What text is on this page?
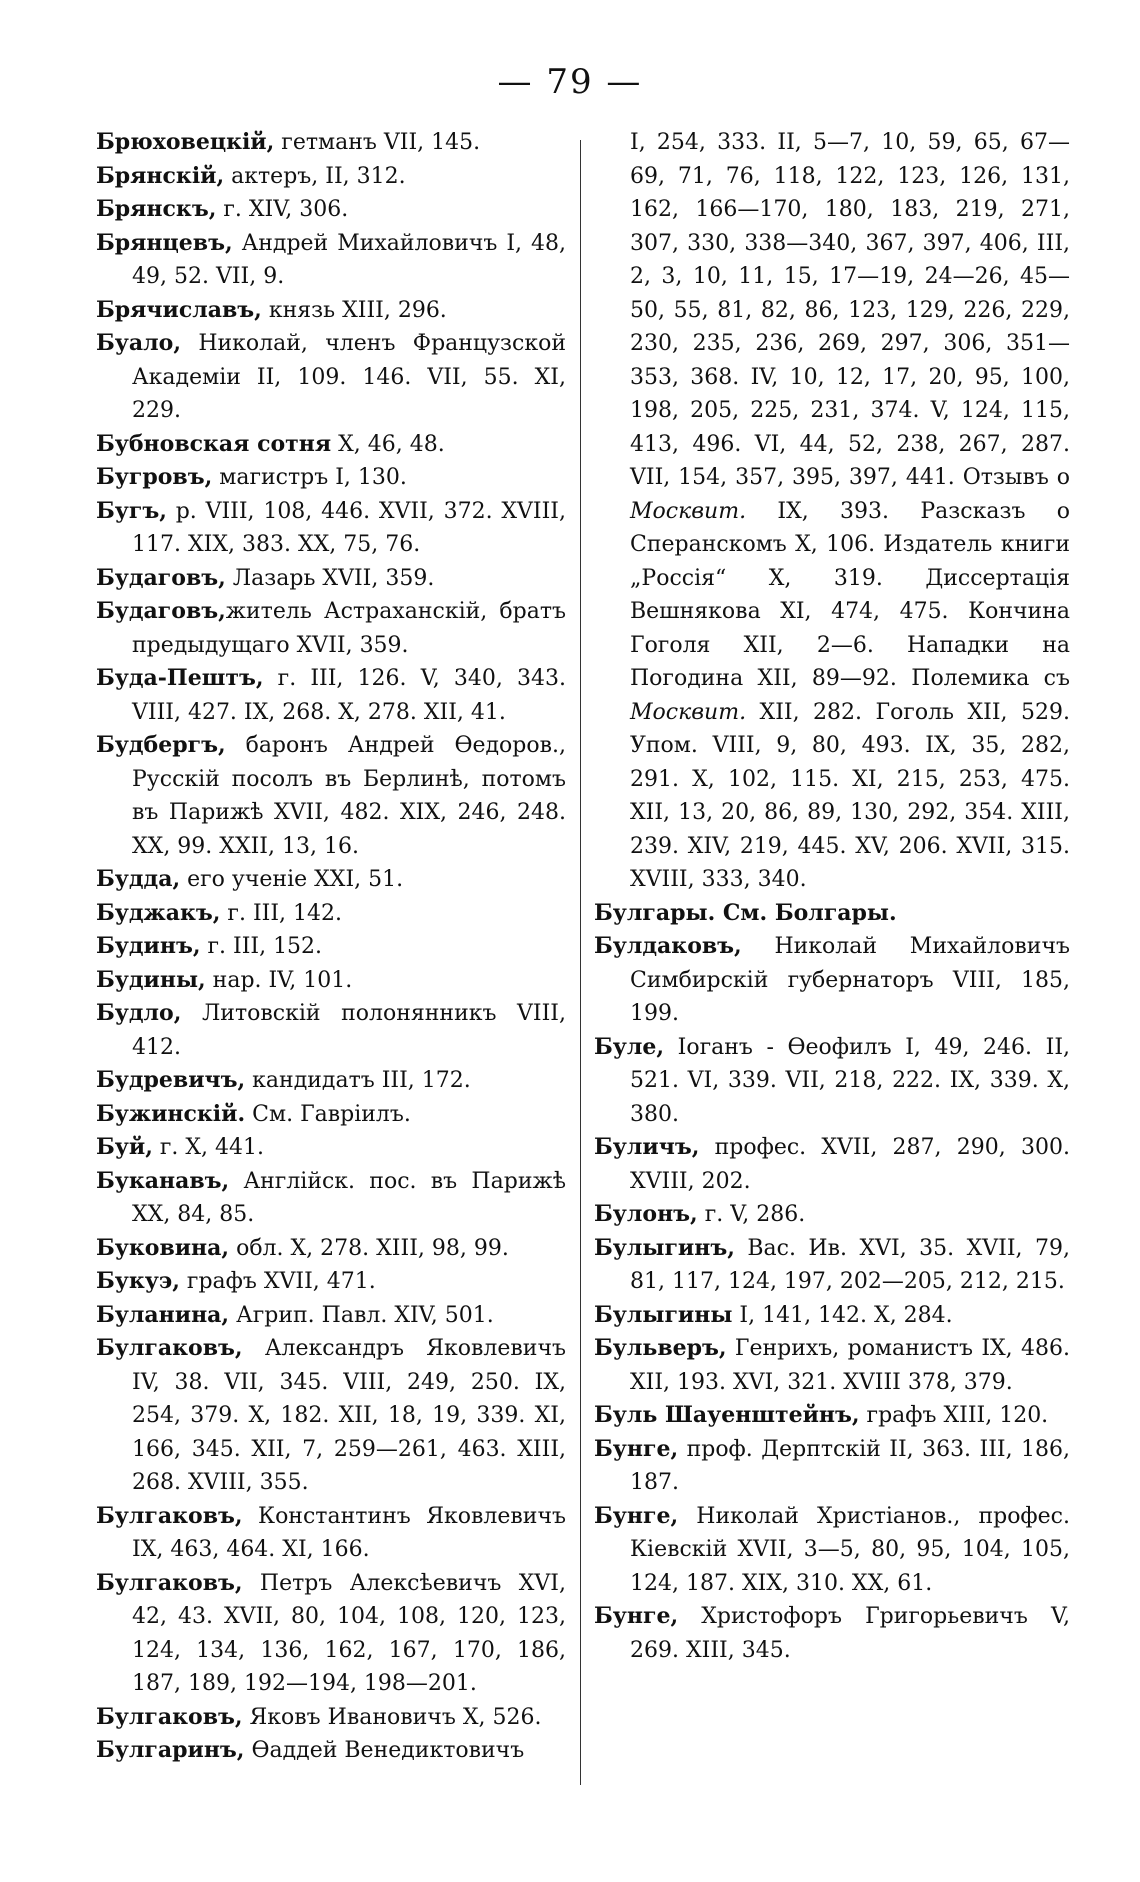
— 79 —

Брюховецкій, гетманъ VII, 145.

Брянскій, актеръ, II, 312.

Брянскъ, г. XIV, 306.

Брянцевъ, Андрей Михайловичъ I, 48, 49, 52. VII, 9.

Брячиславъ, князь XIII, 296.

Буало, Николай, членъ Французской Академіи II, 109. 146. VII, 55. XI, 229.

Бубновская сотня X, 46, 48.

Бугровъ, магистръ I, 130.

Бугъ, р. VIII, 108, 446. XVII, 372. XVIII, 117. XIX, 383. XX, 75, 76.

Будаговъ, Лазарь XVII, 359.

Будаговъ,житель Астраханскій, братъ предыдущаго XVII, 359.

Буда-Пештъ, г. III, 126. V, 340, 343. VIII, 427. IX, 268. X, 278. XII, 41.

Будбергъ, баронъ Андрей Ѳедоров., Русскій посолъ въ Берлинѣ, потомъ въ Парижѣ XVII, 482. XIX, 246, 248. XX, 99. XXII, 13, 16.

Будда, его ученіе XXI, 51.

Буджакъ, г. III, 142.

Будинъ, г. III, 152.

Будины, нар. IV, 101.

Будло, Литовскій полонянникъ VIII, 412.

Будревичъ, кандидатъ III, 172.

Бужинскій. См. Гавріилъ.

Буй, г. X, 441.

Буканавъ, Англійск. пос. въ Парижѣ XX, 84, 85.

Буковина, обл. X, 278. XIII, 98, 99.

Букуэ, графъ XVII, 471.

Буланина, Агрип. Павл. XIV, 501.

Булгаковъ, Александръ Яковлевичъ IV, 38. VII, 345. VIII, 249, 250. IX, 254, 379. X, 182. XII, 18, 19, 339. XI, 166, 345. XII, 7, 259—261, 463. XIII, 268. XVIII, 355.

Булгаковъ, Константинъ Яковлевичъ IX, 463, 464. XI, 166.

Булгаковъ, Петръ Алексѣевичъ XVI, 42, 43. XVII, 80, 104, 108, 120, 123, 124, 134, 136, 162, 167, 170, 186, 187, 189, 192—194, 198—201.

Булгаковъ, Яковъ Ивановичъ X, 526.

Булгаринъ, Ѳаддей Венедиктовичъ

I, 254, 333. II, 5—7, 10, 59, 65, 67—69, 71, 76, 118, 122, 123, 126, 131, 162, 166—170, 180, 183, 219, 271, 307, 330, 338—340, 367, 397, 406, III, 2, 3, 10, 11, 15, 17—19, 24—26, 45—50, 55, 81, 82, 86, 123, 129, 226, 229, 230, 235, 236, 269, 297, 306, 351—353, 368. IV, 10, 12, 17, 20, 95, 100, 198, 205, 225, 231, 374. V, 124, 115, 413, 496. VI, 44, 52, 238, 267, 287. VII, 154, 357, 395, 397, 441. Отзывъ о Москвит. IX, 393. Разсказъ о Сперанскомъ X, 106. Издатель книги „Россія“ X, 319. Диссертація Вешнякова XI, 474, 475. Кончина Гоголя XII, 2—6. Нападки на Погодина XII, 89—92. Полемика съ Москвит. XII, 282. Гоголь XII, 529. Упом. VIII, 9, 80, 493. IX, 35, 282, 291. X, 102, 115. XI, 215, 253, 475. XII, 13, 20, 86, 89, 130, 292, 354. XIII, 239. XIV, 219, 445. XV, 206. XVII, 315. XVIII, 333, 340.

Булгары. См. Болгары.

Булдаковъ, Николай Михайловичъ Симбирскій губернаторъ VIII, 185, 199.

Буле, Іоганъ - Ѳеофилъ I, 49, 246. II, 521. VI, 339. VII, 218, 222. IX, 339. X, 380.

Буличъ, профес. XVII, 287, 290, 300. XVIII, 202.

Булонъ, г. V, 286.

Булыгинъ, Вас. Ив. XVI, 35. XVII, 79, 81, 117, 124, 197, 202—205, 212, 215.

Булыгины I, 141, 142. X, 284.

Бульверъ, Генрихъ, романистъ IX, 486. XII, 193. XVI, 321. XVIII 378, 379.

Буль Шауенштейнъ, графъ XIII, 120.

Бунге, проф. Дерптскій II, 363. III, 186, 187.

Бунге, Николай Христіанов., профес. Кіевскій XVII, 3—5, 80, 95, 104, 105, 124, 187. XIX, 310. XX, 61.

Бунге, Христофоръ Григорьевичъ V, 269. XIII, 345.
